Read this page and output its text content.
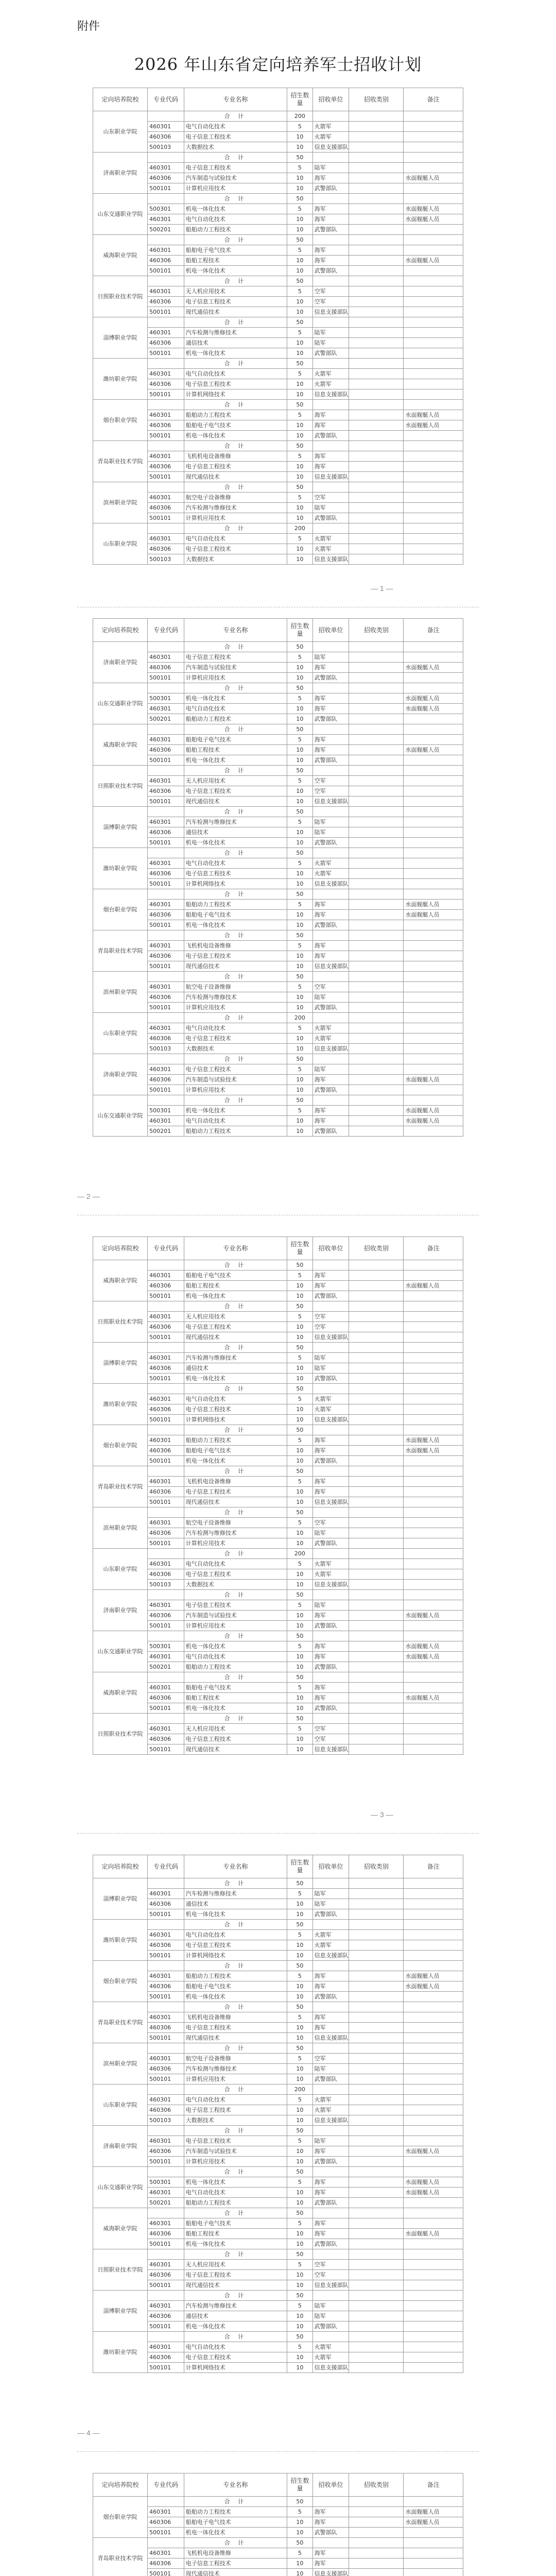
附件
2026 年山东省定向培养军士招收计划
定向培养院校	专业代码	专业名称	招生数量	招收单位	招收类别	备注
山东职业学院		合 计	200			
	460301	电气自动化技术	5	火箭军		
	460306	电子信息工程技术	10	火箭军		
	500103	大数据技术	10	信息支援部队		
济南职业学院		合 计	50			
	460301	电子信息工程技术	5	陆军		
	460306	汽车制造与试验技术	10	海军		水面舰艇人员
	500101	计算机应用技术	10	武警部队		
山东交通职业学院		合 计	50			
	500301	机电一体化技术	5	海军		水面舰艇人员
	460301	电气自动化技术	10	海军		水面舰艇人员
	500201	船舶动力工程技术	10	武警部队		
威海职业学院		合 计	50			
	460301	船舶电子电气技术	5	海军		
	460306	船舶工程技术	10	海军		水面舰艇人员
	500101	机电一体化技术	10	武警部队		
日照职业技术学院		合 计	50			
	460301	无人机应用技术	5	空军		
	460306	电子信息工程技术	10	空军		
	500101	现代通信技术	10	信息支援部队		
淄博职业学院		合 计	50			
	460301	汽车检测与维修技术	5	陆军		
	460306	通信技术	10	陆军		
	500101	机电一体化技术	10	武警部队		
潍坊职业学院		合 计	50			
	460301	电气自动化技术	5	火箭军		
	460306	电子信息工程技术	10	火箭军		
	500101	计算机网络技术	10	信息支援部队		
烟台职业学院		合 计	50			
	460301	船舶动力工程技术	5	海军		水面舰艇人员
	460306	船舶电子电气技术	10	海军		水面舰艇人员
	500101	机电一体化技术	10	武警部队		
青岛职业技术学院		合 计	50			
	460301	飞机机电设备维修	5	海军		
	460306	电子信息工程技术	10	海军		
	500101	现代通信技术	10	信息支援部队		
滨州职业学院		合 计	50			
	460301	航空电子设备维修	5	空军		
	460306	汽车检测与维修技术	10	陆军		
	500101	计算机应用技术	10	武警部队		
山东职业学院		合 计	200			
	460301	电气自动化技术	5	火箭军		
	460306	电子信息工程技术	10	火箭军		
	500103	大数据技术	10	信息支援部队		
— 1 —
定向培养院校	专业代码	专业名称	招生数量	招收单位	招收类别	备注
济南职业学院		合 计	50			
	460301	电子信息工程技术	5	陆军		
	460306	汽车制造与试验技术	10	海军		水面舰艇人员
	500101	计算机应用技术	10	武警部队		
山东交通职业学院		合 计	50			
	500301	机电一体化技术	5	海军		水面舰艇人员
	460301	电气自动化技术	10	海军		水面舰艇人员
	500201	船舶动力工程技术	10	武警部队		
威海职业学院		合 计	50			
	460301	船舶电子电气技术	5	海军		
	460306	船舶工程技术	10	海军		水面舰艇人员
	500101	机电一体化技术	10	武警部队		
日照职业技术学院		合 计	50			
	460301	无人机应用技术	5	空军		
	460306	电子信息工程技术	10	空军		
	500101	现代通信技术	10	信息支援部队		
淄博职业学院		合 计	50			
	460301	汽车检测与维修技术	5	陆军		
	460306	通信技术	10	陆军		
	500101	机电一体化技术	10	武警部队		
潍坊职业学院		合 计	50			
	460301	电气自动化技术	5	火箭军		
	460306	电子信息工程技术	10	火箭军		
	500101	计算机网络技术	10	信息支援部队		
烟台职业学院		合 计	50			
	460301	船舶动力工程技术	5	海军		水面舰艇人员
	460306	船舶电子电气技术	10	海军		水面舰艇人员
	500101	机电一体化技术	10	武警部队		
青岛职业技术学院		合 计	50			
	460301	飞机机电设备维修	5	海军		
	460306	电子信息工程技术	10	海军		
	500101	现代通信技术	10	信息支援部队		
滨州职业学院		合 计	50			
	460301	航空电子设备维修	5	空军		
	460306	汽车检测与维修技术	10	陆军		
	500101	计算机应用技术	10	武警部队		
山东职业学院		合 计	200			
	460301	电气自动化技术	5	火箭军		
	460306	电子信息工程技术	10	火箭军		
	500103	大数据技术	10	信息支援部队		
济南职业学院		合 计	50			
	460301	电子信息工程技术	5	陆军		
	460306	汽车制造与试验技术	10	海军		水面舰艇人员
	500101	计算机应用技术	10	武警部队		
山东交通职业学院		合 计	50			
	500301	机电一体化技术	5	海军		水面舰艇人员
	460301	电气自动化技术	10	海军		水面舰艇人员
	500201	船舶动力工程技术	10	武警部队		
— 2 —
定向培养院校	专业代码	专业名称	招生数量	招收单位	招收类别	备注
威海职业学院		合 计	50			
	460301	船舶电子电气技术	5	海军		
	460306	船舶工程技术	10	海军		水面舰艇人员
	500101	机电一体化技术	10	武警部队		
日照职业技术学院		合 计	50			
	460301	无人机应用技术	5	空军		
	460306	电子信息工程技术	10	空军		
	500101	现代通信技术	10	信息支援部队		
淄博职业学院		合 计	50			
	460301	汽车检测与维修技术	5	陆军		
	460306	通信技术	10	陆军		
	500101	机电一体化技术	10	武警部队		
潍坊职业学院		合 计	50			
	460301	电气自动化技术	5	火箭军		
	460306	电子信息工程技术	10	火箭军		
	500101	计算机网络技术	10	信息支援部队		
烟台职业学院		合 计	50			
	460301	船舶动力工程技术	5	海军		水面舰艇人员
	460306	船舶电子电气技术	10	海军		水面舰艇人员
	500101	机电一体化技术	10	武警部队		
青岛职业技术学院		合 计	50			
	460301	飞机机电设备维修	5	海军		
	460306	电子信息工程技术	10	海军		
	500101	现代通信技术	10	信息支援部队		
滨州职业学院		合 计	50			
	460301	航空电子设备维修	5	空军		
	460306	汽车检测与维修技术	10	陆军		
	500101	计算机应用技术	10	武警部队		
山东职业学院		合 计	200			
	460301	电气自动化技术	5	火箭军		
	460306	电子信息工程技术	10	火箭军		
	500103	大数据技术	10	信息支援部队		
济南职业学院		合 计	50			
	460301	电子信息工程技术	5	陆军		
	460306	汽车制造与试验技术	10	海军		水面舰艇人员
	500101	计算机应用技术	10	武警部队		
山东交通职业学院		合 计	50			
	500301	机电一体化技术	5	海军		水面舰艇人员
	460301	电气自动化技术	10	海军		水面舰艇人员
	500201	船舶动力工程技术	10	武警部队		
威海职业学院		合 计	50			
	460301	船舶电子电气技术	5	海军		
	460306	船舶工程技术	10	海军		水面舰艇人员
	500101	机电一体化技术	10	武警部队		
日照职业技术学院		合 计	50			
	460301	无人机应用技术	5	空军		
	460306	电子信息工程技术	10	空军		
	500101	现代通信技术	10	信息支援部队		
— 3 —
定向培养院校	专业代码	专业名称	招生数量	招收单位	招收类别	备注
淄博职业学院		合 计	50			
	460301	汽车检测与维修技术	5	陆军		
	460306	通信技术	10	陆军		
	500101	机电一体化技术	10	武警部队		
潍坊职业学院		合 计	50			
	460301	电气自动化技术	5	火箭军		
	460306	电子信息工程技术	10	火箭军		
	500101	计算机网络技术	10	信息支援部队		
烟台职业学院		合 计	50			
	460301	船舶动力工程技术	5	海军		水面舰艇人员
	460306	船舶电子电气技术	10	海军		水面舰艇人员
	500101	机电一体化技术	10	武警部队		
青岛职业技术学院		合 计	50			
	460301	飞机机电设备维修	5	海军		
	460306	电子信息工程技术	10	海军		
	500101	现代通信技术	10	信息支援部队		
滨州职业学院		合 计	50			
	460301	航空电子设备维修	5	空军		
	460306	汽车检测与维修技术	10	陆军		
	500101	计算机应用技术	10	武警部队		
山东职业学院		合 计	200			
	460301	电气自动化技术	5	火箭军		
	460306	电子信息工程技术	10	火箭军		
	500103	大数据技术	10	信息支援部队		
济南职业学院		合 计	50			
	460301	电子信息工程技术	5	陆军		
	460306	汽车制造与试验技术	10	海军		水面舰艇人员
	500101	计算机应用技术	10	武警部队		
山东交通职业学院		合 计	50			
	500301	机电一体化技术	5	海军		水面舰艇人员
	460301	电气自动化技术	10	海军		水面舰艇人员
	500201	船舶动力工程技术	10	武警部队		
威海职业学院		合 计	50			
	460301	船舶电子电气技术	5	海军		
	460306	船舶工程技术	10	海军		水面舰艇人员
	500101	机电一体化技术	10	武警部队		
日照职业技术学院		合 计	50			
	460301	无人机应用技术	5	空军		
	460306	电子信息工程技术	10	空军		
	500101	现代通信技术	10	信息支援部队		
淄博职业学院		合 计	50			
	460301	汽车检测与维修技术	5	陆军		
	460306	通信技术	10	陆军		
	500101	机电一体化技术	10	武警部队		
潍坊职业学院		合 计	50			
	460301	电气自动化技术	5	火箭军		
	460306	电子信息工程技术	10	火箭军		
	500101	计算机网络技术	10	信息支援部队		
— 4 —
定向培养院校	专业代码	专业名称	招生数量	招收单位	招收类别	备注
烟台职业学院		合 计	50			
	460301	船舶动力工程技术	5	海军		水面舰艇人员
	460306	船舶电子电气技术	10	海军		水面舰艇人员
	500101	机电一体化技术	10	武警部队		
青岛职业技术学院		合 计	50			
	460301	飞机机电设备维修	5	海军		
	460306	电子信息工程技术	10	海军		
	500101	现代通信技术	10	信息支援部队		
